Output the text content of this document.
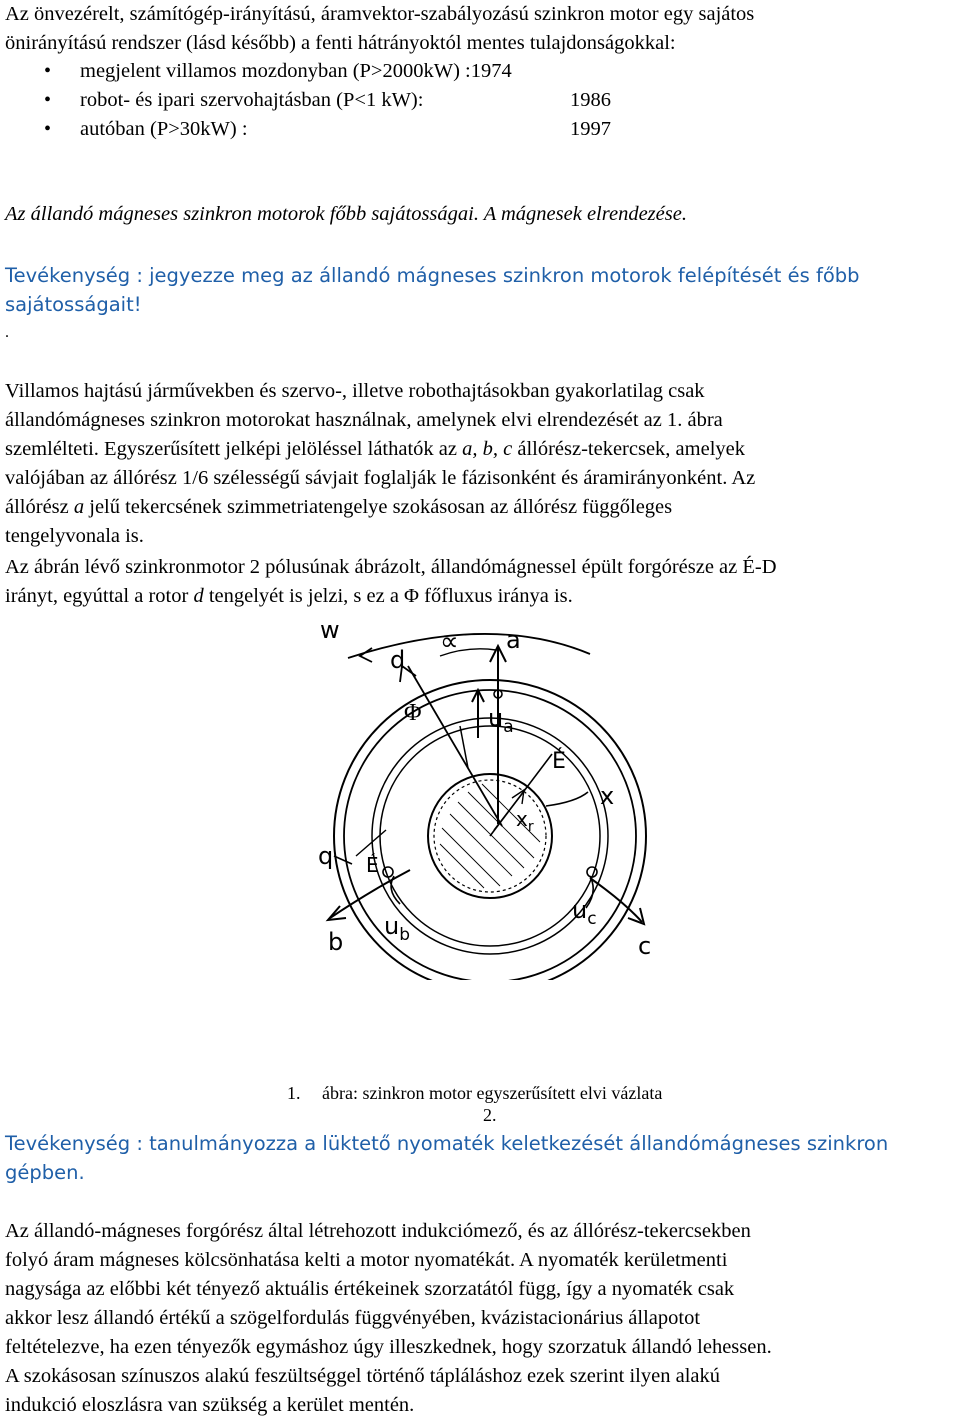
Az önvezérelt, számítógép-irányítású, áramvektor-szabályozású szinkron motor egy sajátos
önirányítású rendszer (lásd később) a fenti hátrányoktól mentes tulajdonságokkal:
• megjelent villamos mozdonyban (P>2000kW) :1974
• robot- és ipari szervohajtásban (P<1 kW):	1986
• autóban (P>30kW) :	1997
Az állandó mágneses szinkron motorok főbb sajátosságai. A mágnesek elrendezése.
Tevékenység : jegyezze meg az állandó mágneses szinkron motorok felépítését és főbb
sajátosságait!
.
Villamos hajtású járművekben és szervo-, illetve robothajtásokban gyakorlatilag csak
állandómágneses szinkron motorokat használnak, amelynek elvi elrendezését az 1. ábra
szemlélteti. Egyszerűsített jelképi jelöléssel láthatók az a, b, c állórész-tekercsek, amelyek
valójában az állórész 1/6 szélességű sávjait foglalják le fázisonként és áramirányonként. Az
állórész a jelű tekercsének szimmetriatengelye szokásosan az állórész függőleges
tengelyvonala is.
Az ábrán lévő szinkronmotor 2 pólusúnak ábrázolt, állandómágnessel épült forgórésze az É-D
irányt, egyúttal a rotor d tengelyét is jelzi, s ez a Φ főfluxus iránya is.
w
d
∝ a
Φ	$u_a$
É
x
$x_r$
q É
b
$u_b$
$u_c$
c
1. ábra: szinkron motor egyszerűsített elvi vázlata
2.
Tevékenység : tanulmányozza a lüktető nyomaték keletkezését állandómágneses szinkron
gépben.
Az állandó-mágneses forgórész által létrehozott indukciómező, és az állórész-tekercsekben
folyó áram mágneses kölcsönhatása kelti a motor nyomatékát. A nyomaték kerületmenti
nagysága az előbbi két tényező aktuális értékeinek szorzatától függ, így a nyomaték csak
akkor lesz állandó értékű a szögelfordulás függvényében, kvázistacionárius állapotot
feltételezve, ha ezen tényezők egymáshoz úgy illeszkednek, hogy szorzatuk állandó lehessen.
A szokásosan színuszos alakú feszültséggel történő tápláláshoz ezek szerint ilyen alakú
indukció eloszlásra van szükség a kerület mentén.
